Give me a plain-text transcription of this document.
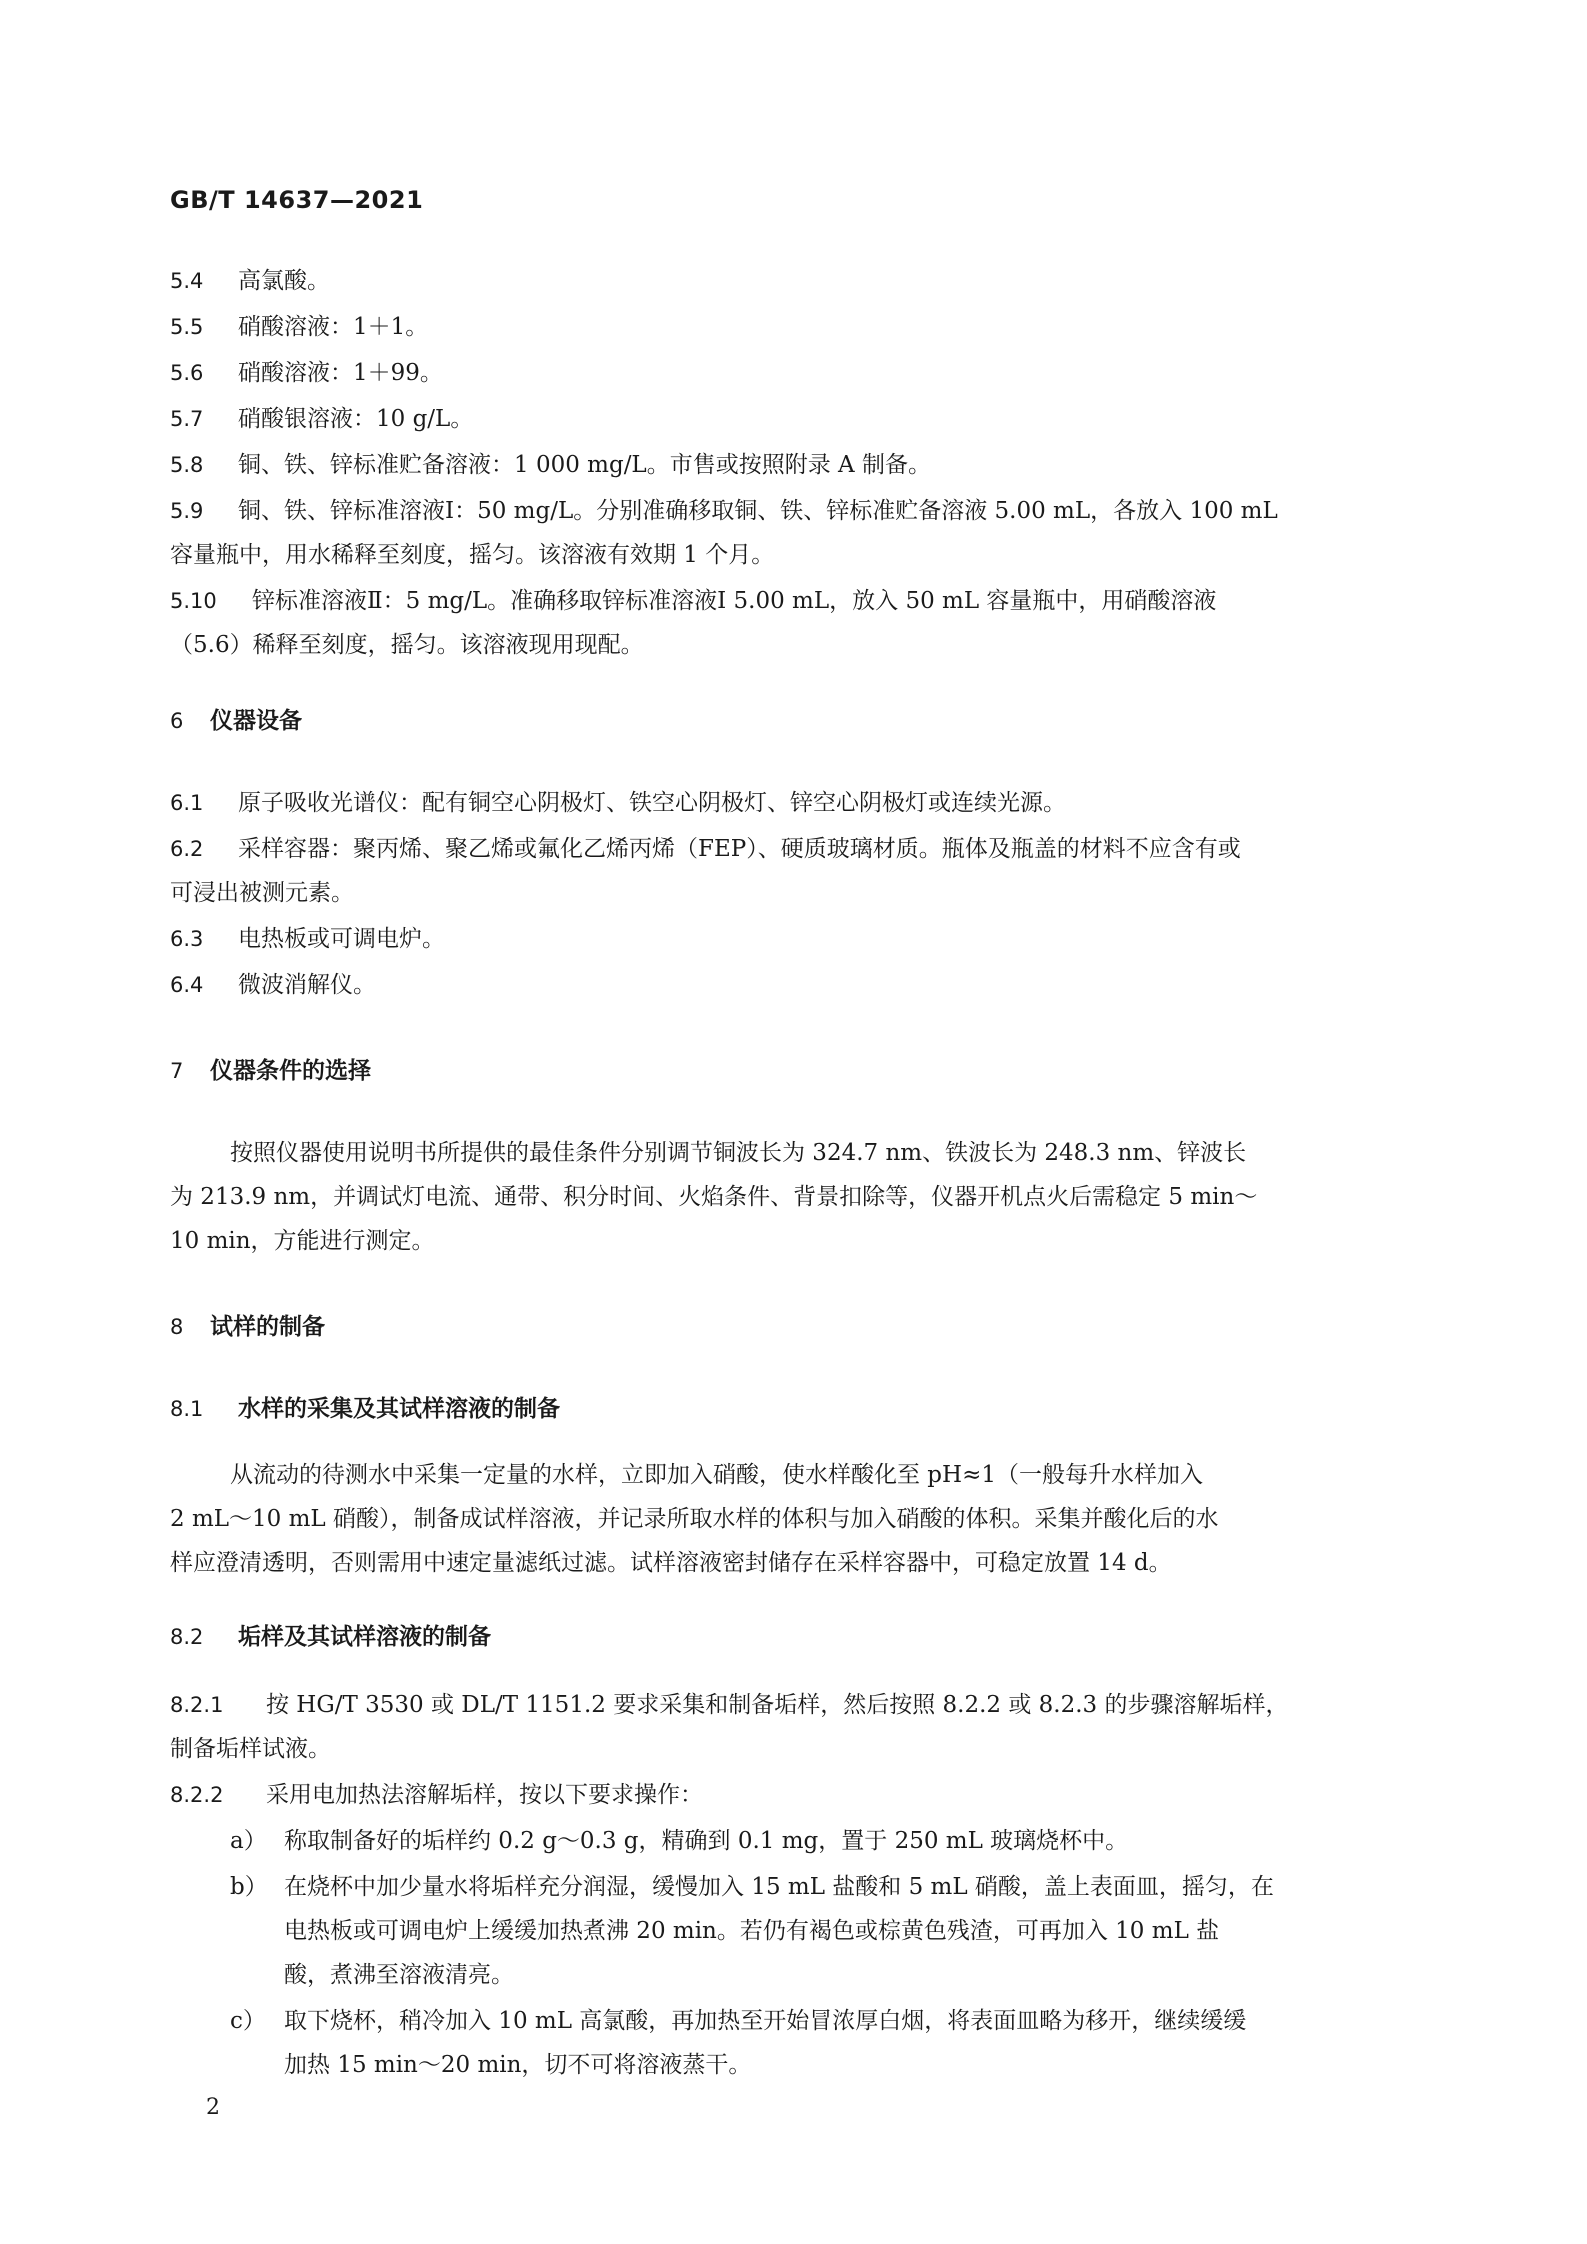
GB/T 14637—2021
5.4 高氯酸。
5.5 硝酸溶液：1＋1。
5.6 硝酸溶液：1＋99。
5.7 硝酸银溶液：10 g/L。
5.8 铜、铁、锌标准贮备溶液：1 000 mg/L。市售或按照附录 A 制备。
5.9 铜、铁、锌标准溶液Ⅰ：50 mg/L。分别准确移取铜、铁、锌标准贮备溶液 5.00 mL，各放入 100 mL
容量瓶中，用水稀释至刻度，摇匀。该溶液有效期 1 个月。
5.10 锌标准溶液Ⅱ：5 mg/L。准确移取锌标准溶液Ⅰ 5.00 mL，放入 50 mL 容量瓶中，用硝酸溶液
（5.6）稀释至刻度，摇匀。该溶液现用现配。
6 仪器设备
6.1 原子吸收光谱仪：配有铜空心阴极灯、铁空心阴极灯、锌空心阴极灯或连续光源。
6.2 采样容器：聚丙烯、聚乙烯或氟化乙烯丙烯（FEP）、硬质玻璃材质。瓶体及瓶盖的材料不应含有或
可浸出被测元素。
6.3 电热板或可调电炉。
6.4 微波消解仪。
7 仪器条件的选择
按照仪器使用说明书所提供的最佳条件分别调节铜波长为 324.7 nm、铁波长为 248.3 nm、锌波长
为 213.9 nm，并调试灯电流、通带、积分时间、火焰条件、背景扣除等，仪器开机点火后需稳定 5 min～
10 min，方能进行测定。
8 试样的制备
8.1 水样的采集及其试样溶液的制备
从流动的待测水中采集一定量的水样，立即加入硝酸，使水样酸化至 pH≈1（一般每升水样加入
2 mL～10 mL 硝酸），制备成试样溶液，并记录所取水样的体积与加入硝酸的体积。采集并酸化后的水
样应澄清透明，否则需用中速定量滤纸过滤。试样溶液密封储存在采样容器中，可稳定放置 14 d。
8.2 垢样及其试样溶液的制备
8.2.1 按 HG/T 3530 或 DL/T 1151.2 要求采集和制备垢样，然后按照 8.2.2 或 8.2.3 的步骤溶解垢样，
制备垢样试液。
8.2.2 采用电加热法溶解垢样，按以下要求操作：
a） 称取制备好的垢样约 0.2 g～0.3 g，精确到 0.1 mg，置于 250 mL 玻璃烧杯中。
b） 在烧杯中加少量水将垢样充分润湿，缓慢加入 15 mL 盐酸和 5 mL 硝酸，盖上表面皿，摇匀，在
电热板或可调电炉上缓缓加热煮沸 20 min。若仍有褐色或棕黄色残渣，可再加入 10 mL 盐
酸，煮沸至溶液清亮。
c） 取下烧杯，稍冷加入 10 mL 高氯酸，再加热至开始冒浓厚白烟，将表面皿略为移开，继续缓缓
加热 15 min～20 min，切不可将溶液蒸干。
2
